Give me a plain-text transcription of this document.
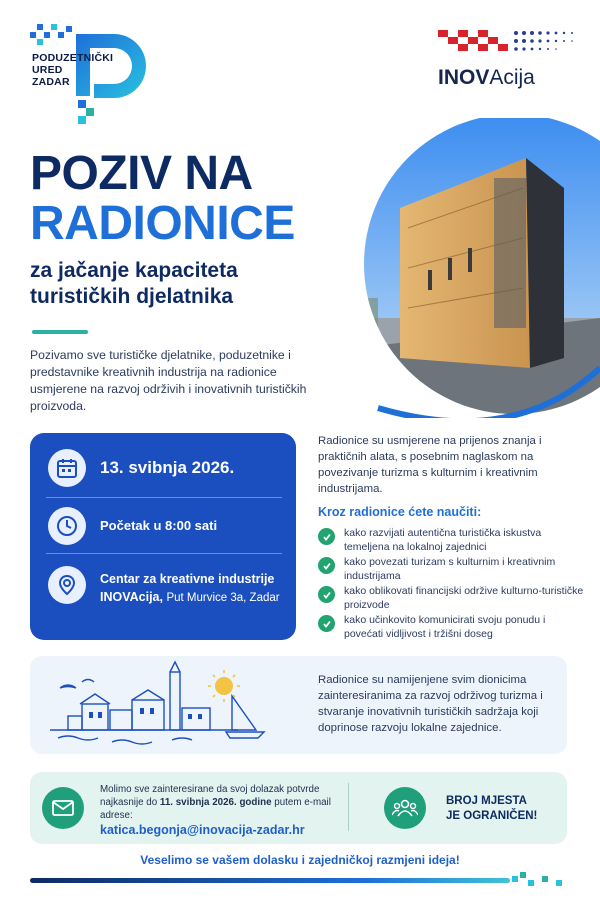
PODUZETNIČKI
URED
ZADAR	INOVAcija
POZIV NA
RADIONICE
za jačanje kapaciteta turističkih djelatnika
Pozivamo sve turističke djelatnike, poduzetnike i predstavnike kreativnih industrija na radionice usmjerene na razvoj održivih i inovativnih turističkih proizvoda.
13. svibnja 2026.
Početak u 8:00 sati
Centar za kreativne industrije INOVAcija, Put Murvice 3a, Zadar
Radionice su usmjerene na prijenos znanja i praktičnih alata, s posebnim naglaskom na povezivanje turizma s kulturnim i kreativnim industrijama.
Kroz radionice ćete naučiti:
kako razvijati autentična turistička iskustva temeljena na lokalnoj zajednici
kako povezati turizam s kulturnim i kreativnim industrijama
kako oblikovati financijski održive kulturno-turističke proizvode
kako učinkovito komunicirati svoju ponudu i povećati vidljivost i tržišni doseg
Radionice su namijenjene svim dionicima zainteresiranima za razvoj održivog turizma i stvaranje inovativnih turističkih sadržaja koji doprinose razvoju lokalne zajednice.
Molimo sve zainteresirane da svoj dolazak potvrde najkasnije do 11. svibnja 2026. godine putem e-mail adrese:
katica.begonja@inovacija-zadar.hr
BROJ MJESTA
JE OGRANIČEN!
Veselimo se vašem dolasku i zajedničkoj razmjeni ideja!
